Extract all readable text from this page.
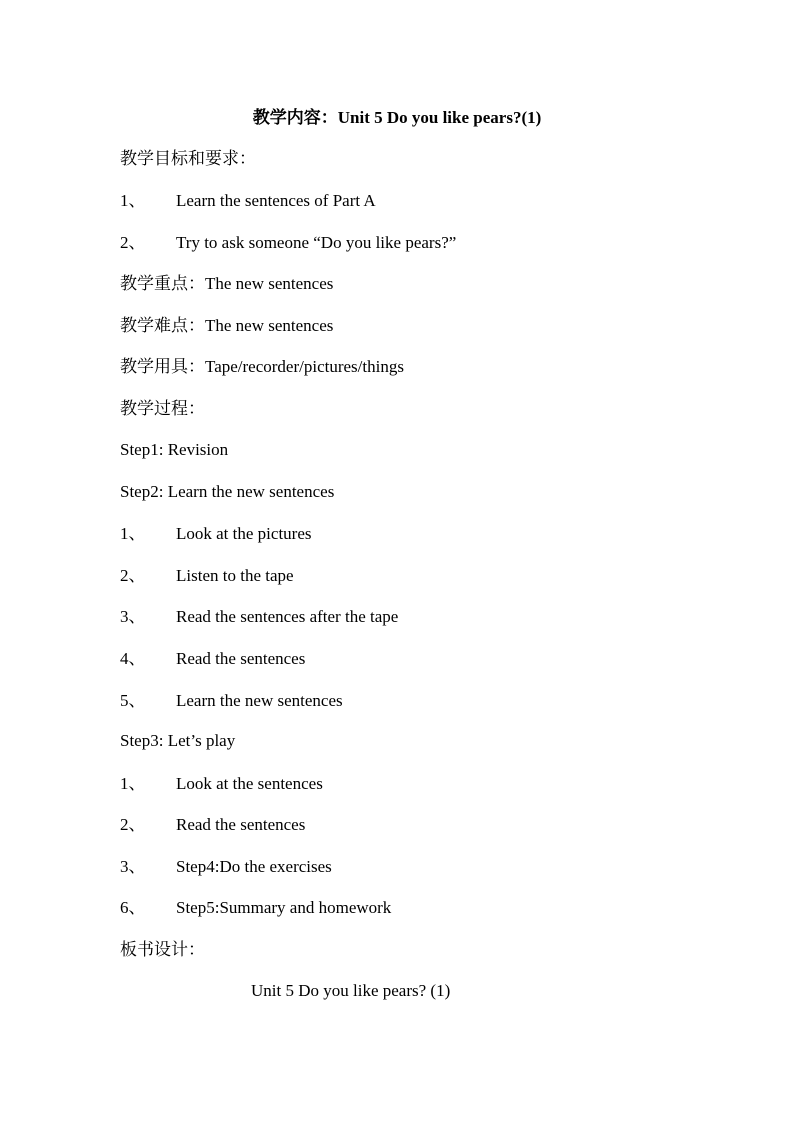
教学内容：Unit 5 Do you like pears?(1)
教学目标和要求：
1、 Learn the sentences of Part A
2、 Try to ask someone “Do you like pears?”
教学重点：The new sentences
教学难点：The new sentences
教学用具：Tape/recorder/pictures/things
教学过程：
Step1: Revision
Step2: Learn the new sentences
1、 Look at the pictures
2、 Listen to the tape
3、 Read the sentences after the tape
4、 Read the sentences
5、 Learn the new sentences
Step3: Let’s play
1、 Look at the sentences
2、 Read the sentences
3、 Step4:Do the exercises
6、 Step5:Summary and homework
板书设计：
Unit 5 Do you like pears? (1)
